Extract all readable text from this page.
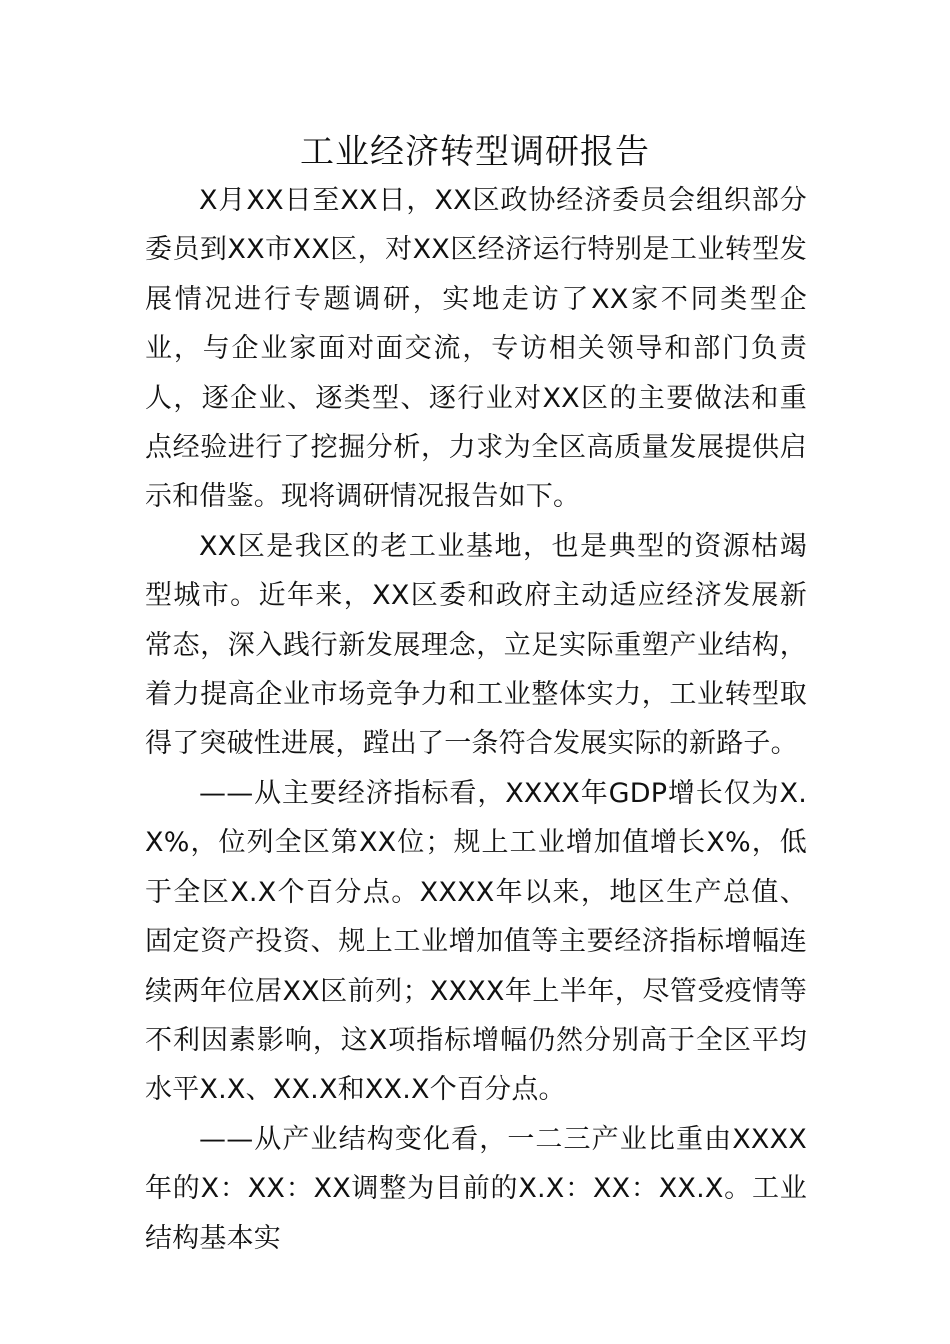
工业经济转型调研报告

X月XX日至XX日，XX区政协经济委员会组织部分委员到XX市XX区，对XX区经济运行特别是工业转型发展情况进行专题调研，实地走访了XX家不同类型企业，与企业家面对面交流，专访相关领导和部门负责人，逐企业、逐类型、逐行业对XX区的主要做法和重点经验进行了挖掘分析，力求为全区高质量发展提供启示和借鉴。现将调研情况报告如下。

XX区是我区的老工业基地，也是典型的资源枯竭型城市。近年来，XX区委和政府主动适应经济发展新常态，深入践行新发展理念，立足实际重塑产业结构，着力提高企业市场竞争力和工业整体实力，工业转型取得了突破性进展，蹚出了一条符合发展实际的新路子。

——从主要经济指标看，XXXX年GDP增长仅为X.X%，位列全区第XX位；规上工业增加值增长X%，低于全区X.X个百分点。XXXX年以来，地区生产总值、固定资产投资、规上工业增加值等主要经济指标增幅连续两年位居XX区前列；XXXX年上半年，尽管受疫情等不利因素影响，这X项指标增幅仍然分别高于全区平均水平X.X、XX.X和XX.X个百分点。

——从产业结构变化看，一二三产业比重由XXXX年的X：XX：XX调整为目前的X.X：XX：XX.X。工业结构基本实
